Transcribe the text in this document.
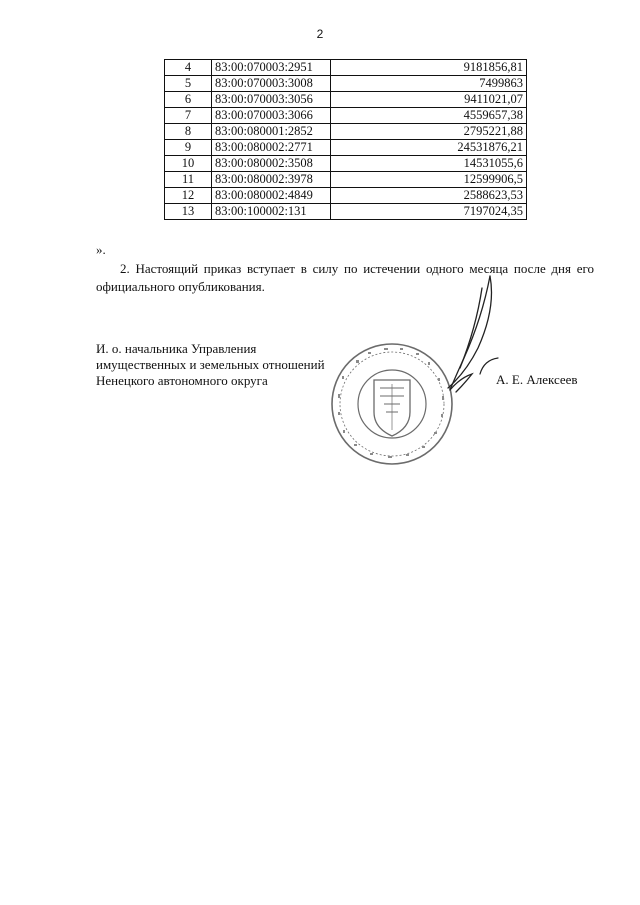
2
4	83:00:070003:2951	9181856,81
5	83:00:070003:3008	7499863
6	83:00:070003:3056	9411021,07
7	83:00:070003:3066	4559657,38
8	83:00:080001:2852	2795221,88
9	83:00:080002:2771	24531876,21
10	83:00:080002:3508	14531055,6
11	83:00:080002:3978	12599906,5
12	83:00:080002:4849	2588623,53
13	83:00:100002:131	7197024,35
».
2. Настоящий приказ вступает в силу по истечении одного месяца после дня его официального опубликования.
И. о. начальника Управления
имущественных и земельных отношений
Ненецкого автономного округа	А. Е. Алексеев
